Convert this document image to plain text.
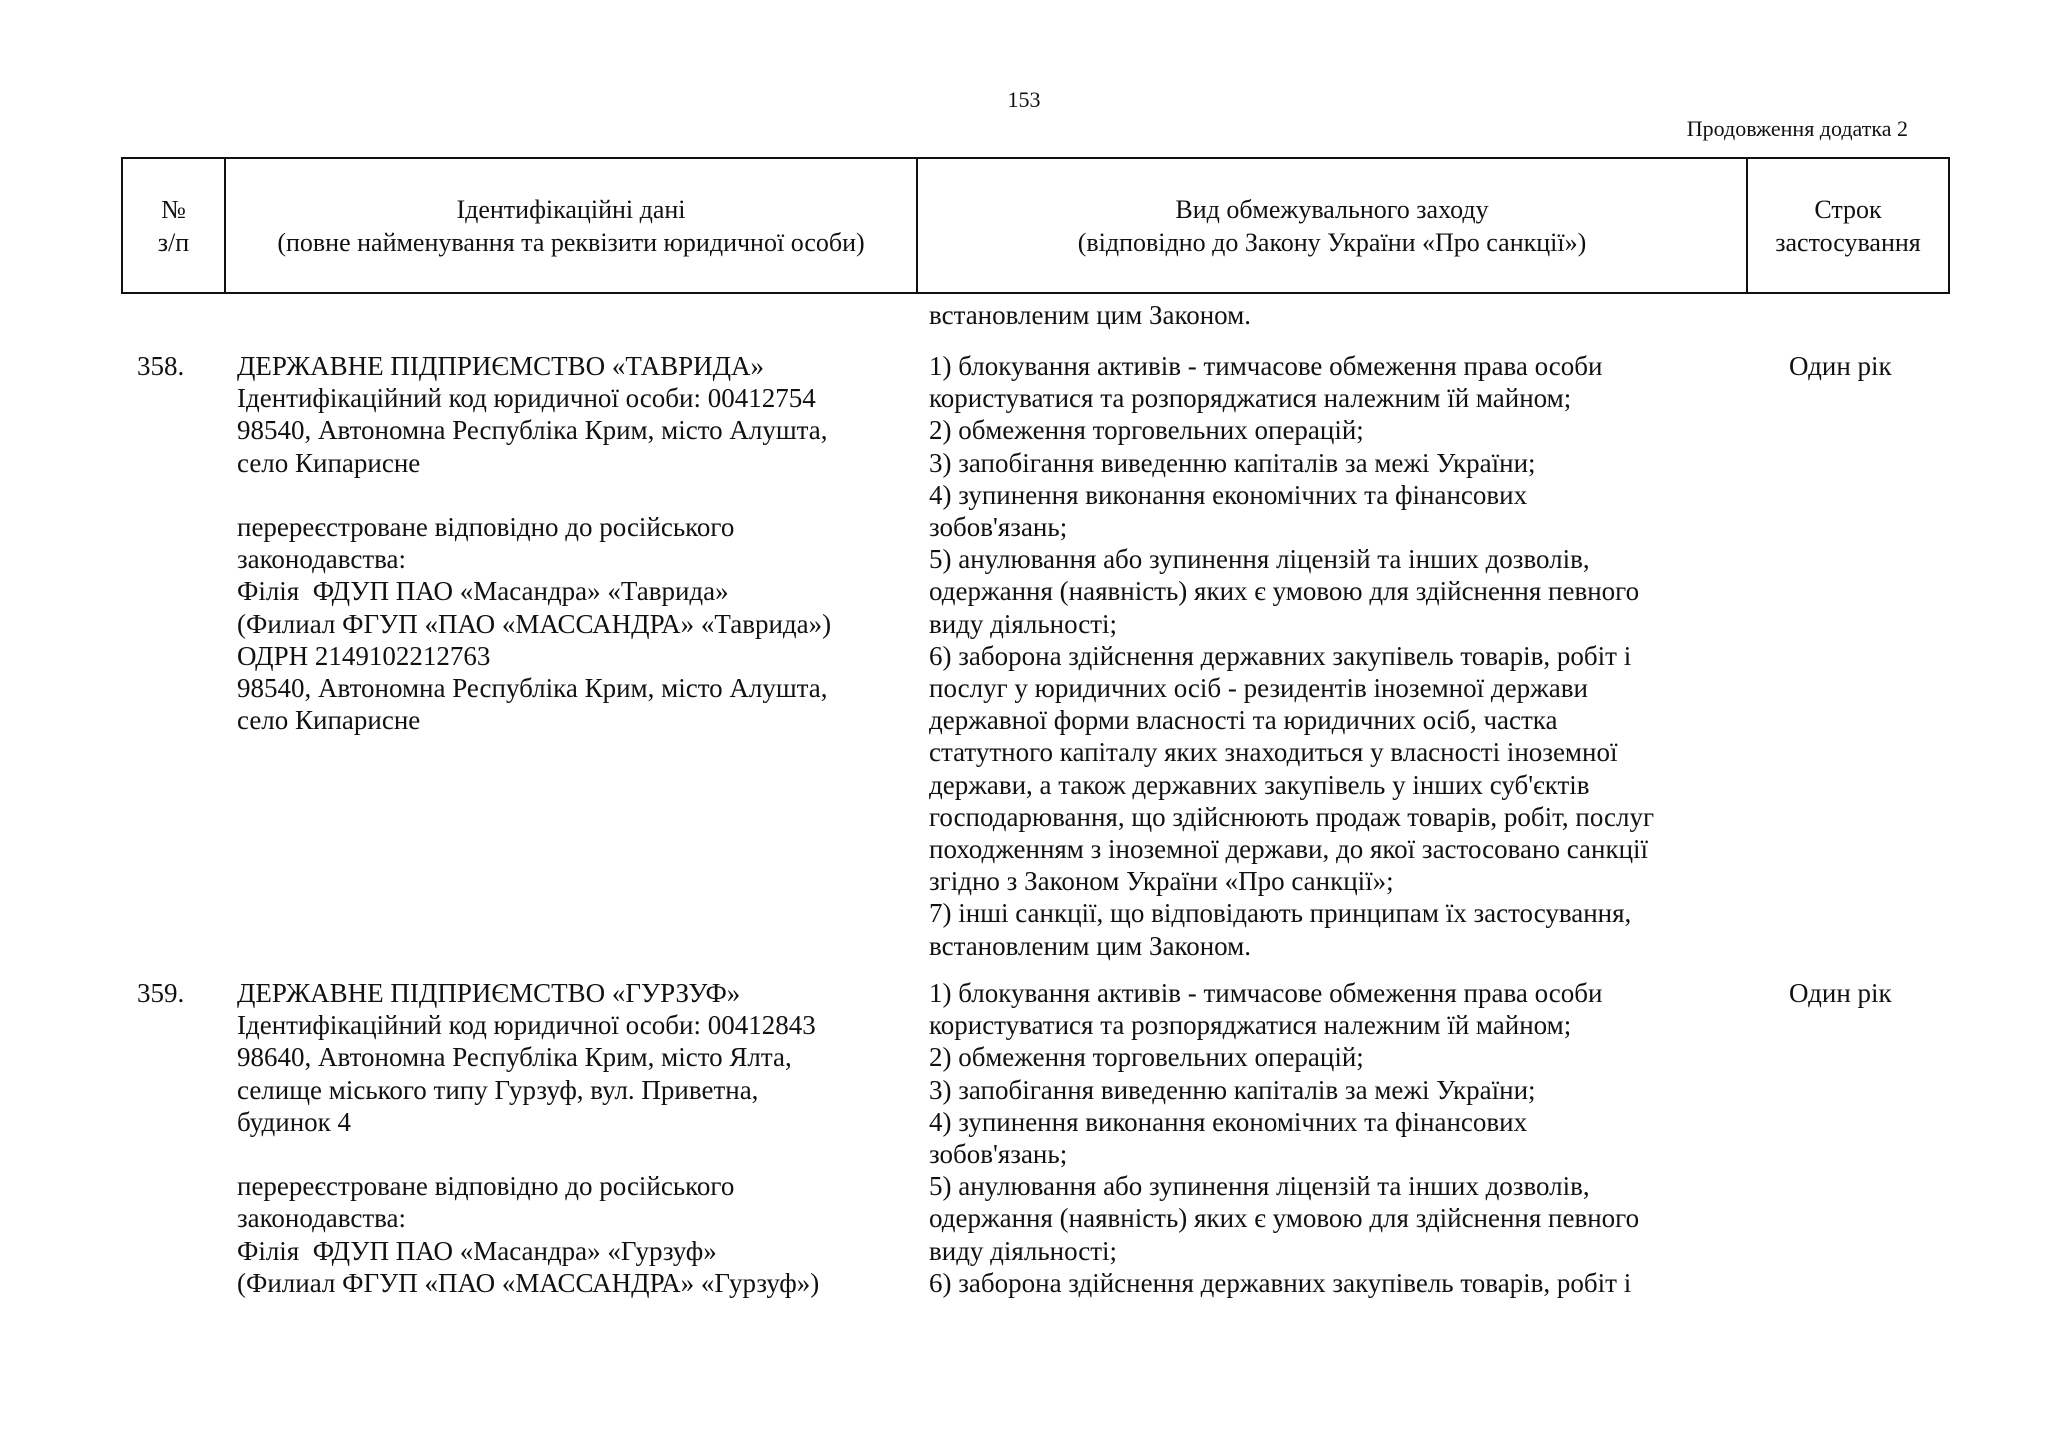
153
Продовження додатка 2
№
з/п
Ідентифікаційні дані
(повне найменування та реквізити юридичної особи)
Вид обмежувального заходу
(відповідно до Закону України «Про санкції»)
Строк
застосування
встановленим цим Законом.
358. ДЕРЖАВНЕ ПІДПРИЄМСТВО «ТАВРИДА»
Ідентифікаційний код юридичної особи: 00412754
98540, Автономна Республіка Крим, місто Алушта,
село Кипарисне

перереєстроване відповідно до російського
законодавства:
Філія  ФДУП ПАО «Масандра» «Таврида»
(Филиал ФГУП «ПАО «МАССАНДРА» «Таврида»)
ОДРН 2149102212763
98540, Автономна Республіка Крим, місто Алушта,
село Кипарисне
1) блокування активів - тимчасове обмеження права особи
користуватися та розпоряджатися належним їй майном;
2) обмеження торговельних операцій;
3) запобігання виведенню капіталів за межі України;
4) зупинення виконання економічних та фінансових
зобов'язань;
5) анулювання або зупинення ліцензій та інших дозволів,
одержання (наявність) яких є умовою для здійснення певного
виду діяльності;
6) заборона здійснення державних закупівель товарів, робіт і
послуг у юридичних осіб - резидентів іноземної держави
державної форми власності та юридичних осіб, частка
статутного капіталу яких знаходиться у власності іноземної
держави, а також державних закупівель у інших суб'єктів
господарювання, що здійснюють продаж товарів, робіт, послуг
походженням з іноземної держави, до якої застосовано санкції
згідно з Законом України «Про санкції»;
7) інші санкції, що відповідають принципам їх застосування,
встановленим цим Законом.
Один рік
359. ДЕРЖАВНЕ ПІДПРИЄМСТВО «ГУРЗУФ»
Ідентифікаційний код юридичної особи: 00412843
98640, Автономна Республіка Крим, місто Ялта,
селище міського типу Гурзуф, вул. Приветна,
будинок 4

перереєстроване відповідно до російського
законодавства:
Філія  ФДУП ПАО «Масандра» «Гурзуф»
(Филиал ФГУП «ПАО «МАССАНДРА» «Гурзуф»)
1) блокування активів - тимчасове обмеження права особи
користуватися та розпоряджатися належним їй майном;
2) обмеження торговельних операцій;
3) запобігання виведенню капіталів за межі України;
4) зупинення виконання економічних та фінансових
зобов'язань;
5) анулювання або зупинення ліцензій та інших дозволів,
одержання (наявність) яких є умовою для здійснення певного
виду діяльності;
6) заборона здійснення державних закупівель товарів, робіт і
Один рік
